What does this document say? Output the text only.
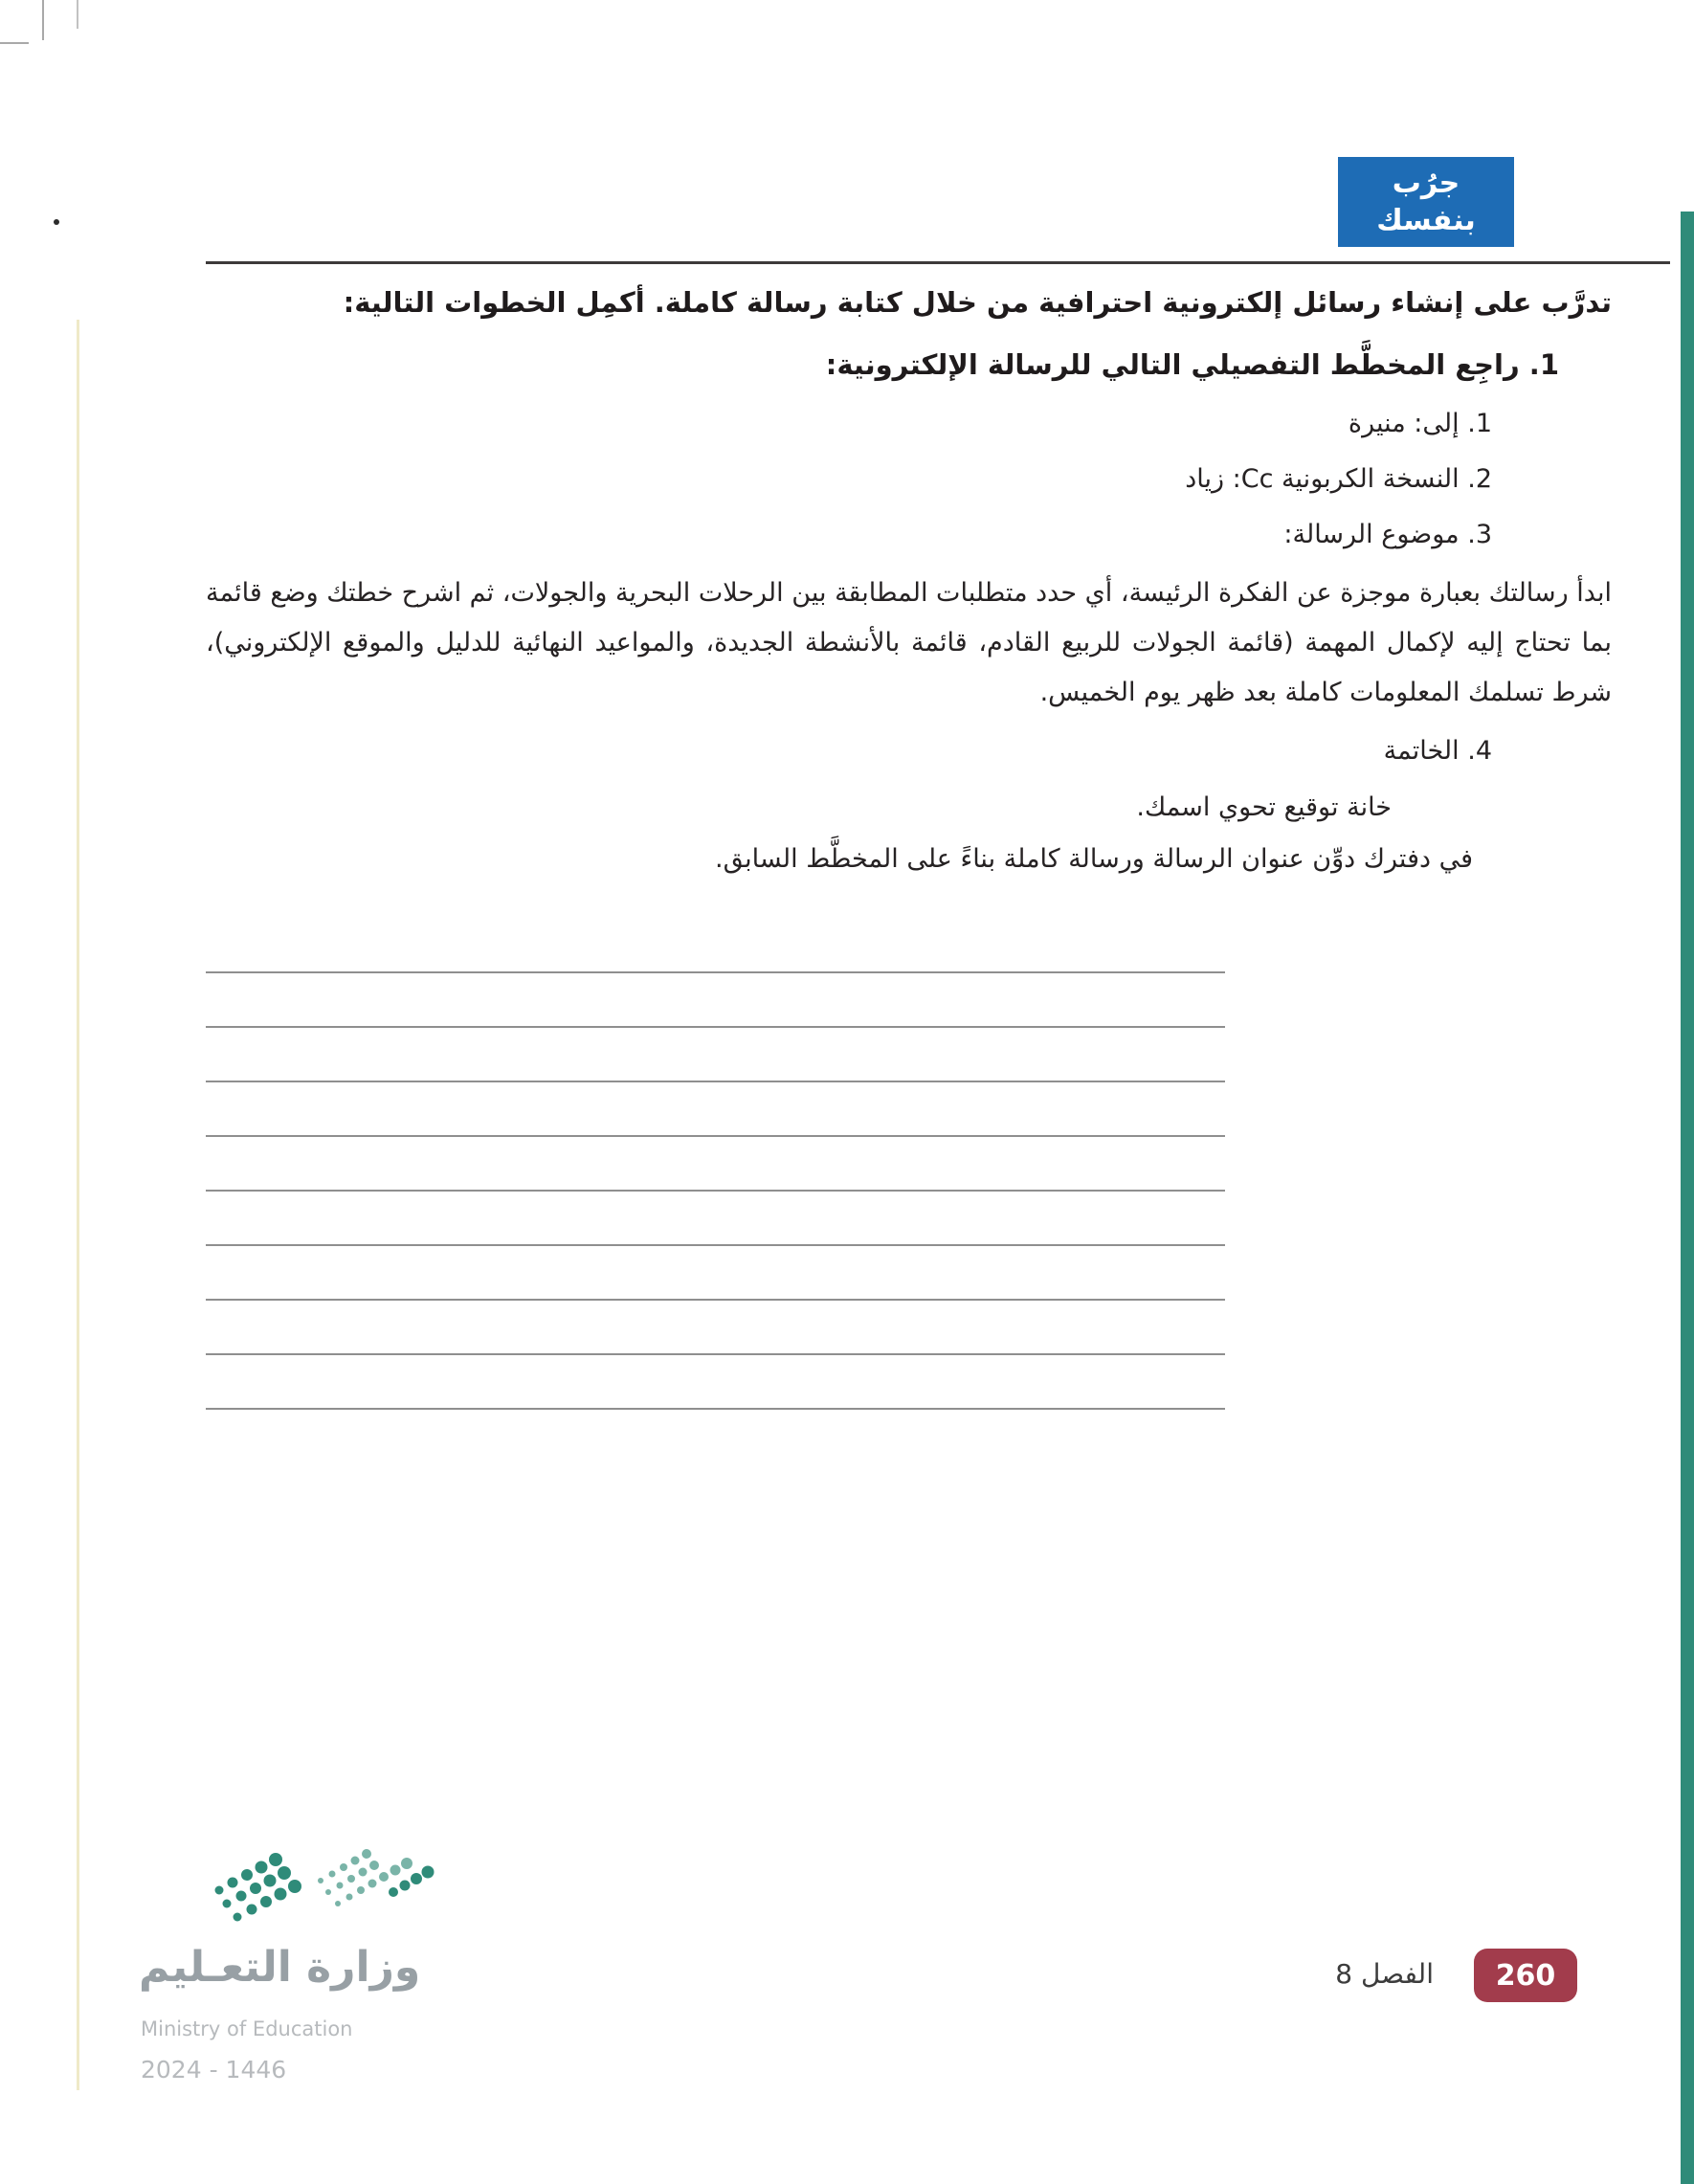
جرُب
بنفسك

تدرَّب على إنشاء رسائل إلكترونية احترافية من خلال كتابة رسالة كاملة. أكمِل الخطوات التالية:

1. راجِع المخطَّط التفصيلي التالي للرسالة الإلكترونية:

1. إلى: منيرة

2. النسخة الكربونية Cc: زياد

3. موضوع الرسالة:

ابدأ رسالتك بعبارة موجزة عن الفكرة الرئيسة، أي حدد متطلبات المطابقة بين الرحلات البحرية والجولات، ثم اشرح خطتك وضع قائمة بما تحتاج إليه لإكمال المهمة (قائمة الجولات للربيع القادم، قائمة بالأنشطة الجديدة، والمواعيد النهائية للدليل والموقع الإلكتروني)، شرط تسلمك المعلومات كاملة بعد ظهر يوم الخميس.

4. الخاتمة

خانة توقيع تحوي اسمك.

في دفترك دوِّن عنوان الرسالة ورسالة كاملة بناءً على المخطَّط السابق.

وزارة التعـليم
Ministry of Education
2024 - 1446
الفصل 8	260
